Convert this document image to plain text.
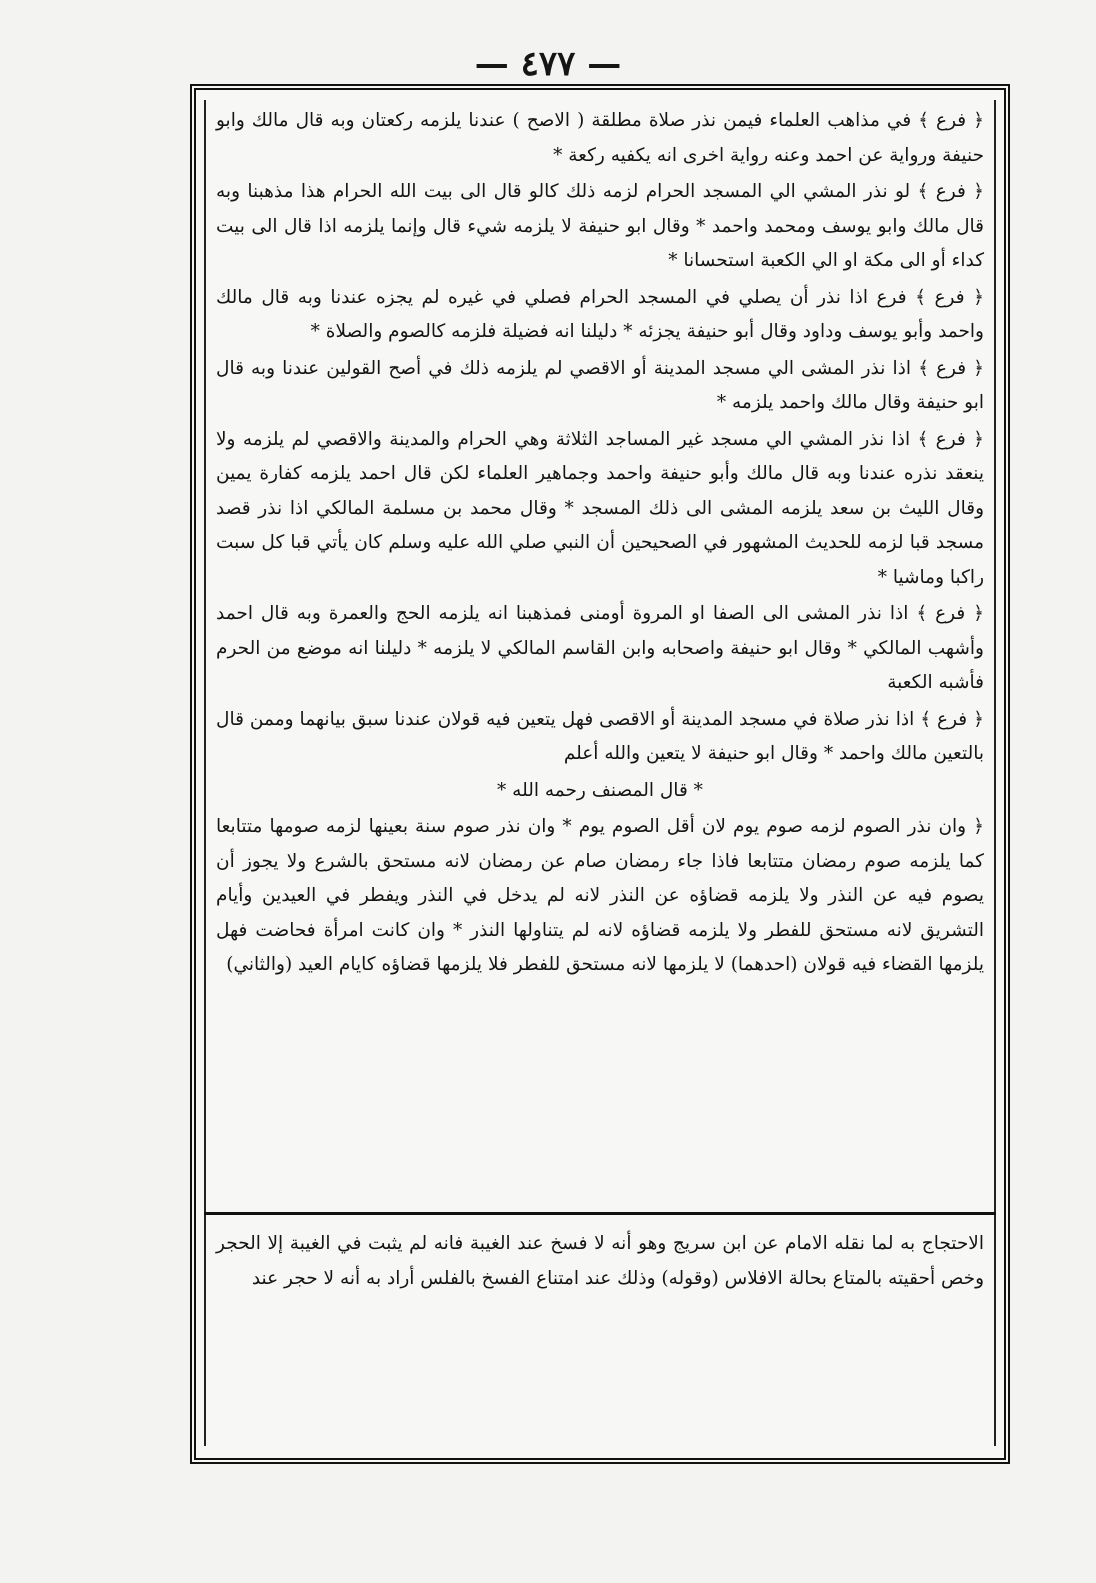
— ٤٧٧ —

﴿ فرع ﴾ في مذاهب العلماء فيمن نذر صلاة مطلقة ( الاصح ) عندنا يلزمه ركعتان وبه قال مالك وابو حنيفة ورواية عن احمد وعنه رواية اخرى انه يكفيه ركعة *

﴿ فرع ﴾ لو نذر المشي الي المسجد الحرام لزمه ذلك كالو قال الى بيت الله الحرام هذا مذهبنا وبه قال مالك وابو يوسف ومحمد واحمد * وقال ابو حنيفة لا يلزمه شيء قال وإنما يلزمه اذا قال الى بيت كداء أو الى مكة او الي الكعبة استحسانا *

﴿ فرع ﴾ فرع اذا نذر أن يصلي في المسجد الحرام فصلي في غيره لم يجزه عندنا وبه قال مالك واحمد وأبو يوسف وداود وقال أبو حنيفة يجزئه * دليلنا انه فضيلة فلزمه كالصوم والصلاة *

﴿ فرع ﴾ اذا نذر المشى الي مسجد المدينة أو الاقصي لم يلزمه ذلك في أصح القولين عندنا وبه قال ابو حنيفة وقال مالك واحمد يلزمه *

﴿ فرع ﴾ اذا نذر المشي الي مسجد غير المساجد الثلاثة وهي الحرام والمدينة والاقصي لم يلزمه ولا ينعقد نذره عندنا وبه قال مالك وأبو حنيفة واحمد وجماهير العلماء لكن قال احمد يلزمه كفارة يمين وقال الليث بن سعد يلزمه المشى الى ذلك المسجد * وقال محمد بن مسلمة المالكي اذا نذر قصد مسجد قبا لزمه للحديث المشهور في الصحيحين أن النبي صلي الله عليه وسلم كان يأتي قبا كل سبت راكبا وماشيا *

﴿ فرع ﴾ اذا نذر المشى الى الصفا او المروة أومنى فمذهبنا انه يلزمه الحج والعمرة وبه قال احمد وأشهب المالكي * وقال ابو حنيفة واصحابه وابن القاسم المالكي لا يلزمه * دليلنا انه موضع من الحرم فأشبه الكعبة

﴿ فرع ﴾ اذا نذر صلاة في مسجد المدينة أو الاقصى فهل يتعين فيه قولان عندنا سبق بيانهما وممن قال بالتعين مالك واحمد * وقال ابو حنيفة لا يتعين والله أعلم

* قال المصنف رحمه الله *

﴿ وان نذر الصوم لزمه صوم يوم لان أقل الصوم يوم * وان نذر صوم سنة بعينها لزمه صومها متتابعا كما يلزمه صوم رمضان متتابعا فاذا جاء رمضان صام عن رمضان لانه مستحق بالشرع ولا يجوز أن يصوم فيه عن النذر ولا يلزمه قضاؤه عن النذر لانه لم يدخل في النذر ويفطر في العيدين وأيام التشريق لانه مستحق للفطر ولا يلزمه قضاؤه لانه لم يتناولها النذر * وان كانت امرأة فحاضت فهل يلزمها القضاء فيه قولان (احدهما) لا يلزمها لانه مستحق للفطر فلا يلزمها قضاؤه كايام العيد (والثاني)

الاحتجاج به لما نقله الامام عن ابن سريج وهو أنه لا فسخ عند الغيبة فانه لم يثبت في الغيبة إلا الحجر وخص أحقيته بالمتاع بحالة الافلاس (وقوله) وذلك عند امتناع الفسخ بالفلس أراد به أنه لا حجر عند
